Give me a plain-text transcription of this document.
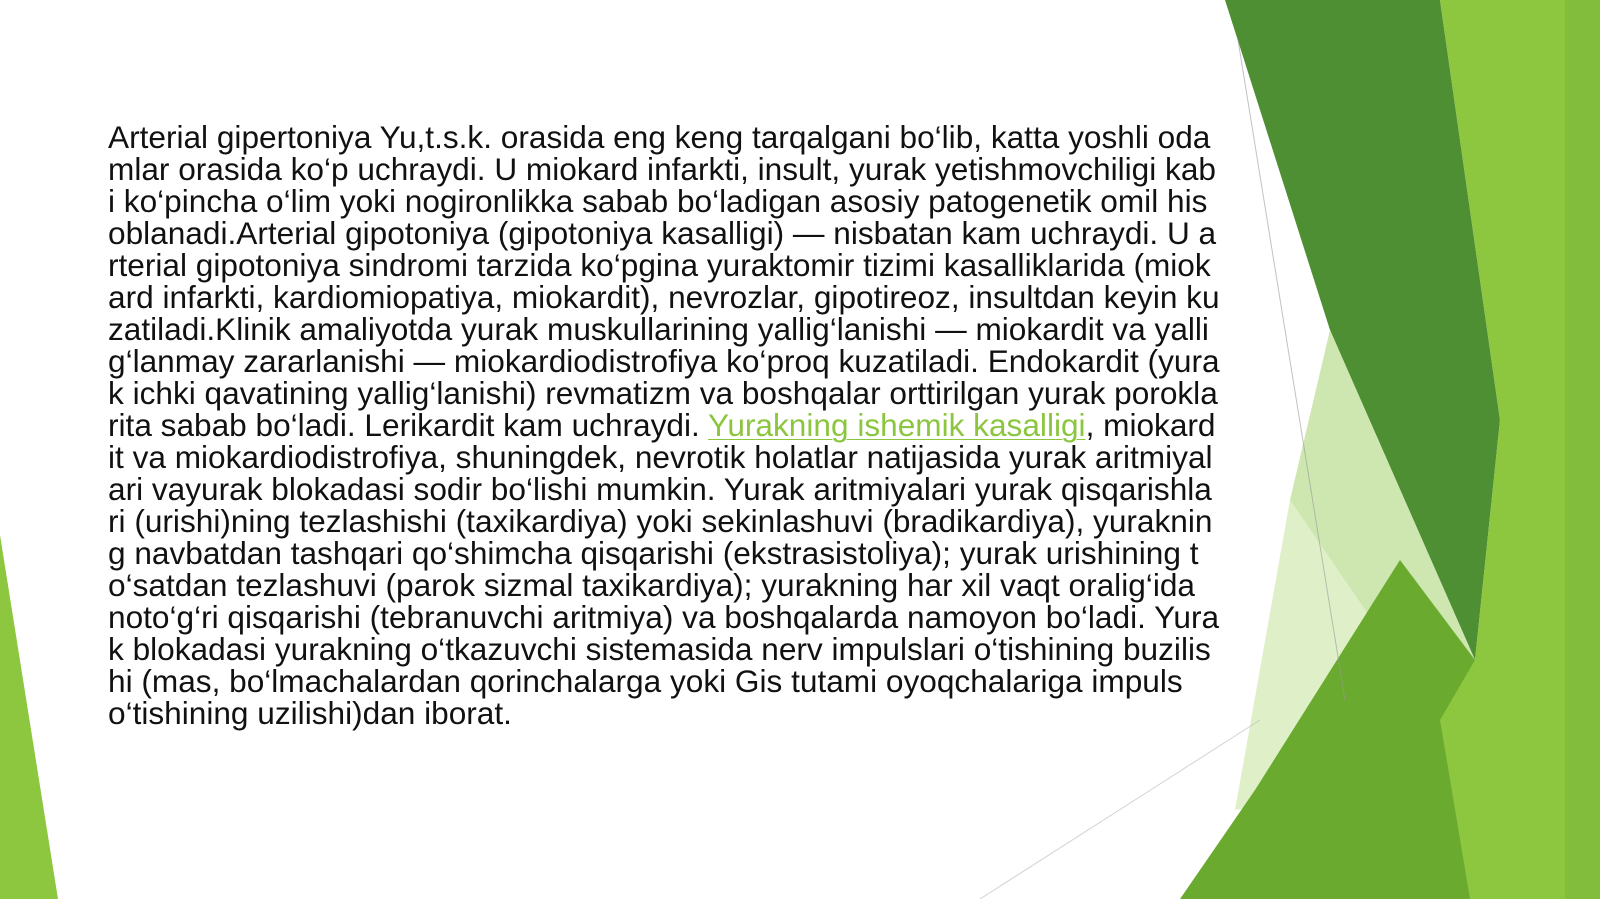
Arterial gipertoniya Yu,t.s.k. orasida eng keng tarqalgani bo‘lib, katta yoshli odamlar orasida ko‘p uchraydi. U miokard infarkti, insult, yurak yetishmovchiligi kabi ko‘pincha o‘lim yoki nogironlikka sabab bo‘ladigan asosiy patogenetik omil hisoblanadi.Arterial gipotoniya (gipotoniya kasalligi) — nisbatan kam uchraydi. U arterial gipotoniya sindromi tarzida ko‘pgina yuraktomir tizimi kasalliklarida (miokard infarkti, kardiomiopatiya, miokardit), nevrozlar, gipotireoz, insultdan keyin kuzatiladi.Klinik amaliyotda yurak muskullarining yallig‘lanishi — miokardit va yallig‘lanmay zararlanishi — miokardiodistrofiya ko‘proq kuzatiladi. Endokardit (yurak ichki qavatining yallig‘lanishi) revmatizm va boshqalar orttirilgan yurak poroklarita sabab bo‘ladi. Lerikardit kam uchraydi. Yurakning ishemik kasalligi, miokardit va miokardiodistrofiya, shuningdek, nevrotik holatlar natijasida yurak aritmiyalari vayurak blokadasi sodir bo‘lishi mumkin. Yurak aritmiyalari yurak qisqarishlari (urishi)ning tezlashishi (taxikardiya) yoki sekinlashuvi (bradikardiya), yurakning navbatdan tashqari qo‘shimcha qisqarishi (ekstrasistoliya); yurak urishining to‘satdan tezlashuvi (parok sizmal taxikardiya); yurakning har xil vaqt oralig‘ida noto‘g‘ri qisqarishi (tebranuvchi aritmiya) va boshqalarda namoyon bo‘ladi. Yurak blokadasi yurakning o‘tkazuvchi sistemasida nerv impulslari o‘tishining buzilishi (mas, bo‘lmachalardan qorinchalarga yoki Gis tutami oyoqchalariga impuls o‘tishining uzilishi)dan iborat.
